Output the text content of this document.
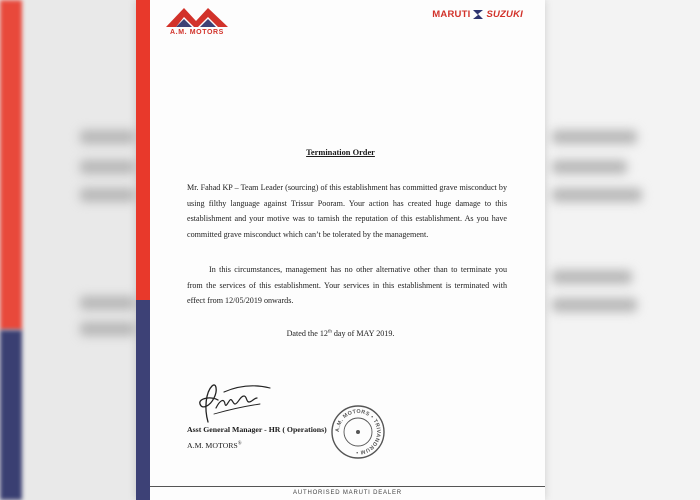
A.M. MOTORS
MARUTI SUZUKI
Termination Order

Mr. Fahad KP – Team Leader (sourcing) of this establishment has committed grave misconduct by using filthy language against Trissur Pooram. Your action has created huge damage to this establishment and your motive was to tarnish the reputation of this establishment. As you have committed grave misconduct which can’t be tolerated by the management.

In this circumstances, management has no other alternative other than to terminate you from the services of this establishment. Your services in this establishment is terminated with effect from 12/05/2019 onwards.

Dated the 12th day of MAY 2019.
Asst General Manager - HR ( Operations)
A.M. MOTORS®
A.M. MOTORS • TRIVANDRUM •
AUTHORISED MARUTI DEALER
